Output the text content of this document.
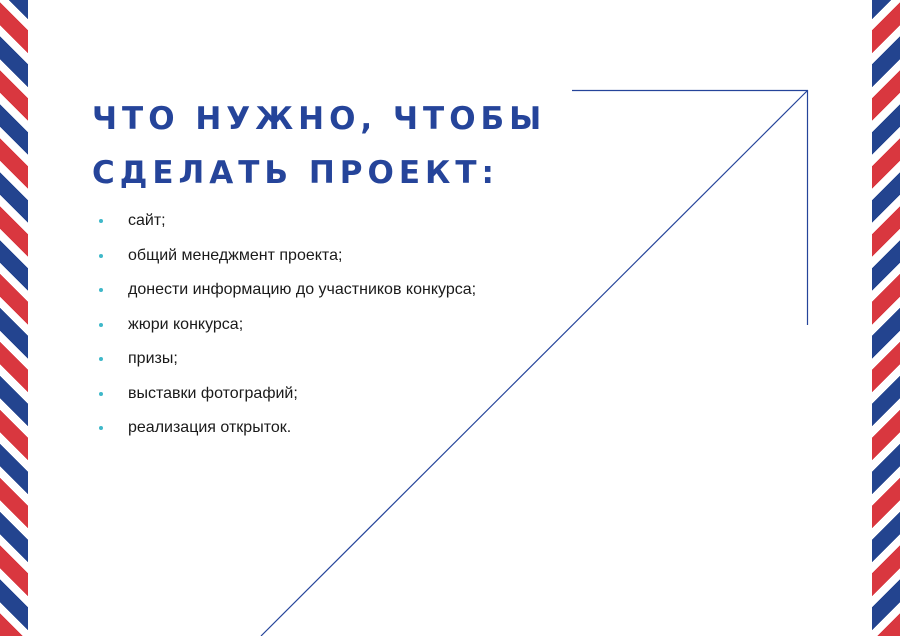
ЧТО НУЖНО, ЧТОБЫ
СДЕЛАТЬ ПРОЕКТ:
сайт;
общий менеджмент проекта;
донести информацию до участников конкурса;
жюри конкурса;
призы;
выставки фотографий;
реализация открыток.
